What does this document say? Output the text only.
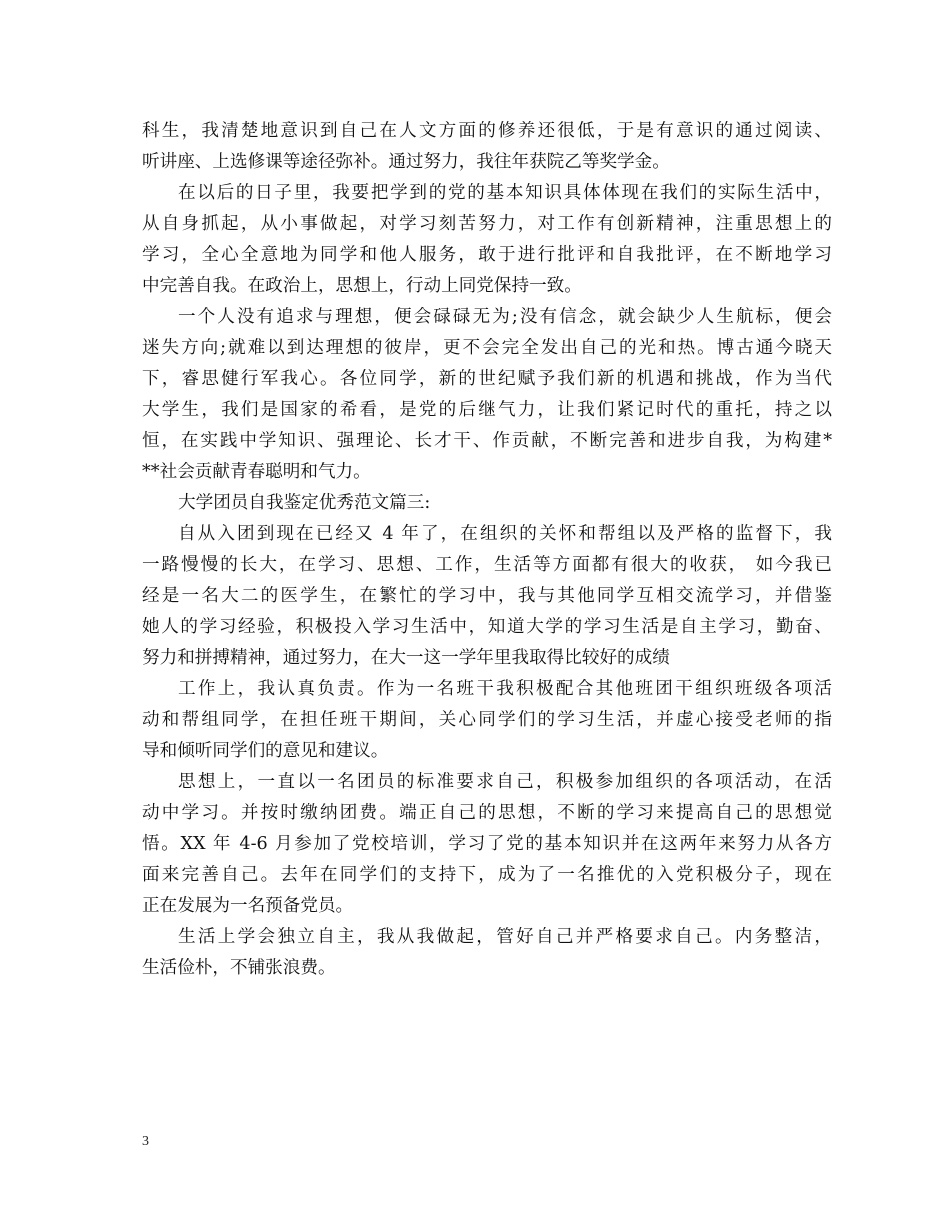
科生，我清楚地意识到自己在人文方面的修养还很低，于是有意识的通过阅读、
听讲座、上选修课等途径弥补。通过努力，我往年获院乙等奖学金。
在以后的日子里，我要把学到的党的基本知识具体体现在我们的实际生活中，
从自身抓起，从小事做起，对学习刻苦努力，对工作有创新精神，注重思想上的
学习，全心全意地为同学和他人服务，敢于进行批评和自我批评，在不断地学习
中完善自我。在政治上，思想上，行动上同党保持一致。
一个人没有追求与理想，便会碌碌无为;没有信念，就会缺少人生航标，便会
迷失方向;就难以到达理想的彼岸，更不会完全发出自己的光和热。博古通今晓天
下，睿思健行军我心。各位同学，新的世纪赋予我们新的机遇和挑战，作为当代
大学生，我们是国家的希看，是党的后继气力，让我们紧记时代的重托，持之以
恒，在实践中学知识、强理论、长才干、作贡献，不断完善和进步自我，为构建*
**社会贡献青春聪明和气力。
大学团员自我鉴定优秀范文篇三:
自从入团到现在已经又 4 年了，在组织的关怀和帮组以及严格的监督下，我
一路慢慢的长大，在学习、思想、工作，生活等方面都有很大的收获， 如今我已
经是一名大二的医学生，在繁忙的学习中，我与其他同学互相交流学习，并借鉴
她人的学习经验，积极投入学习生活中，知道大学的学习生活是自主学习，勤奋、
努力和拼搏精神，通过努力，在大一这一学年里我取得比较好的成绩
工作上，我认真负责。作为一名班干我积极配合其他班团干组织班级各项活
动和帮组同学，在担任班干期间，关心同学们的学习生活，并虚心接受老师的指
导和倾听同学们的意见和建议。
思想上，一直以一名团员的标准要求自己，积极参加组织的各项活动，在活
动中学习。并按时缴纳团费。端正自己的思想，不断的学习来提高自己的思想觉
悟。XX 年 4-6 月参加了党校培训，学习了党的基本知识并在这两年来努力从各方
面来完善自己。去年在同学们的支持下，成为了一名推优的入党积极分子，现在
正在发展为一名预备党员。
生活上学会独立自主，我从我做起，管好自己并严格要求自己。内务整洁，
生活俭朴，不铺张浪费。
3
